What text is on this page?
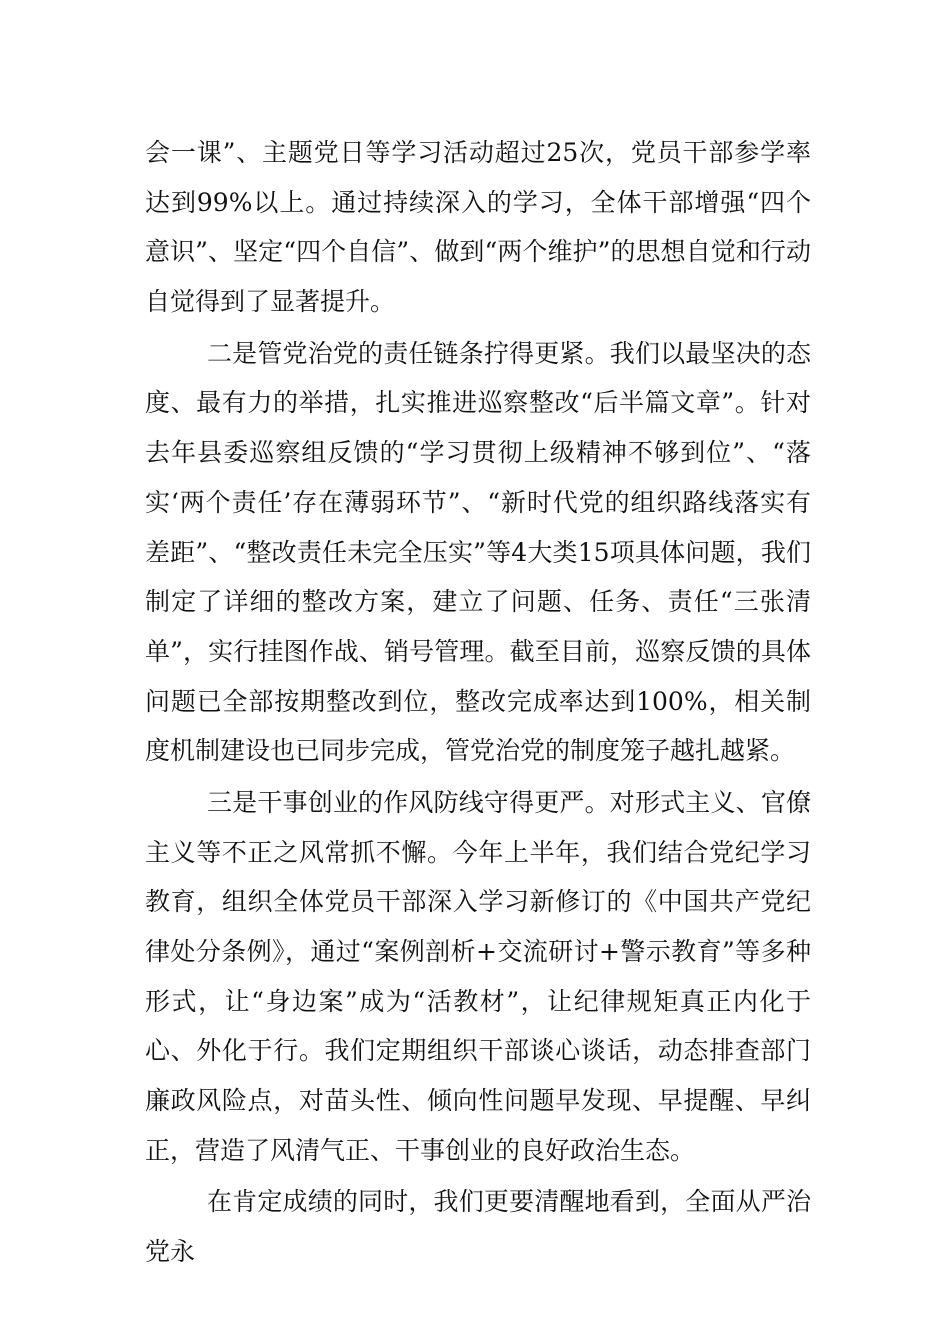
会一课”、主题党日等学习活动超过25次，党员干部参学率达到99%以上。通过持续深入的学习，全体干部增强“四个意识”、坚定“四个自信”、做到“两个维护”的思想自觉和行动自觉得到了显著提升。

二是管党治党的责任链条拧得更紧。我们以最坚决的态度、最有力的举措，扎实推进巡察整改“后半篇文章”。针对去年县委巡察组反馈的“学习贯彻上级精神不够到位”、“落实‘两个责任’存在薄弱环节”、“新时代党的组织路线落实有差距”、“整改责任未完全压实”等4大类15项具体问题，我们制定了详细的整改方案，建立了问题、任务、责任“三张清单”，实行挂图作战、销号管理。截至目前，巡察反馈的具体问题已全部按期整改到位，整改完成率达到100%，相关制度机制建设也已同步完成，管党治党的制度笼子越扎越紧。

三是干事创业的作风防线守得更严。对形式主义、官僚主义等不正之风常抓不懈。今年上半年，我们结合党纪学习教育，组织全体党员干部深入学习新修订的《中国共产党纪律处分条例》，通过“案例剖析+交流研讨+警示教育”等多种形式，让“身边案”成为“活教材”，让纪律规矩真正内化于心、外化于行。我们定期组织干部谈心谈话，动态排查部门廉政风险点，对苗头性、倾向性问题早发现、早提醒、早纠正，营造了风清气正、干事创业的良好政治生态。

在肯定成绩的同时，我们更要清醒地看到，全面从严治党永
